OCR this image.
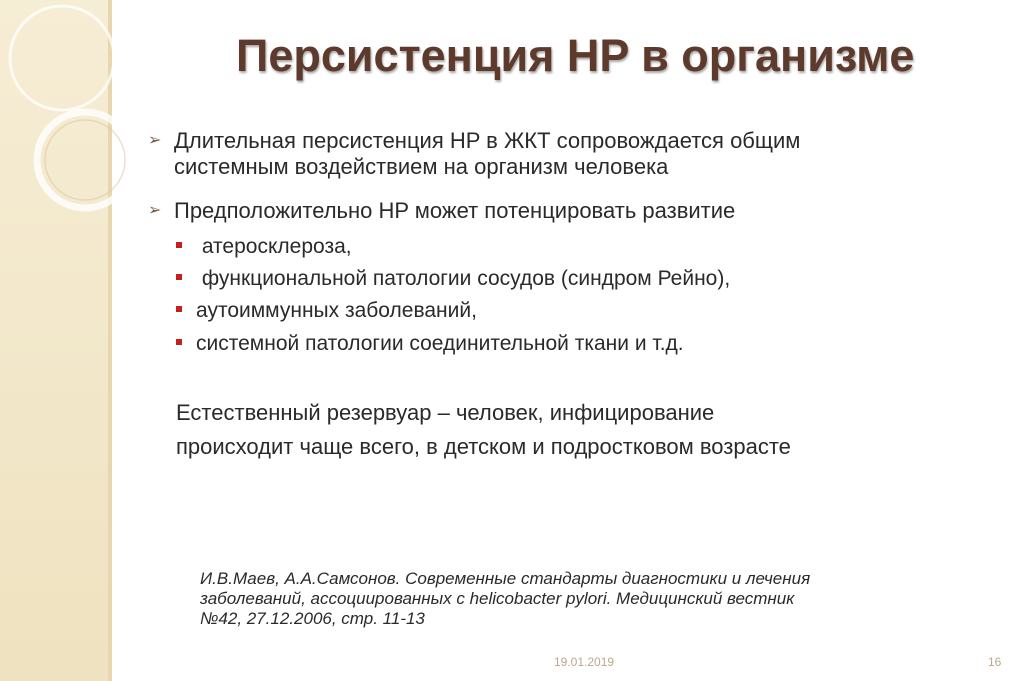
Персистенция HP в организме
➢ Длительная персистенция HP в ЖКТ сопровождается общим системным воздействием на организм человека
➢ Предположительно HP может потенцировать развитие
атеросклероза,
функциональной патологии сосудов (синдром Рейно),
аутоиммунных заболеваний,
системной патологии соединительной ткани и т.д.
Естественный резервуар – человек, инфицирование
происходит чаще всего, в детском и подростковом возрасте
И.В.Маев, А.А.Самсонов. Современные стандарты диагностики и лечения
заболеваний, ассоциированных с helicobacter pylori. Медицинский вестник
№42, 27.12.2006, стр. 11-13
19.01.2019	16
